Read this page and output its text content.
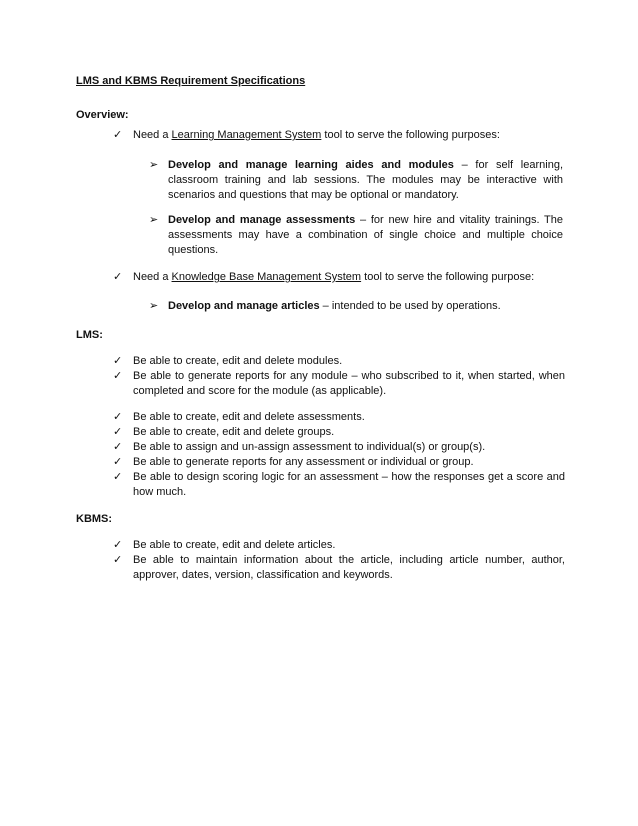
LMS and KBMS Requirement Specifications
Overview:
✓ Need a Learning Management System tool to serve the following purposes:
➢ Develop and manage learning aides and modules – for self learning, classroom training and lab sessions. The modules may be interactive with scenarios and questions that may be optional or mandatory.
➢ Develop and manage assessments – for new hire and vitality trainings. The assessments may have a combination of single choice and multiple choice questions.
✓ Need a Knowledge Base Management System tool to serve the following purpose:
➢ Develop and manage articles – intended to be used by operations.
LMS:
✓ Be able to create, edit and delete modules.
✓ Be able to generate reports for any module – who subscribed to it, when started, when completed and score for the module (as applicable).
✓ Be able to create, edit and delete assessments.
✓ Be able to create, edit and delete groups.
✓ Be able to assign and un-assign assessment to individual(s) or group(s).
✓ Be able to generate reports for any assessment or individual or group.
✓ Be able to design scoring logic for an assessment – how the responses get a score and how much.
KBMS:
✓ Be able to create, edit and delete articles.
✓ Be able to maintain information about the article, including article number, author, approver, dates, version, classification and keywords.
